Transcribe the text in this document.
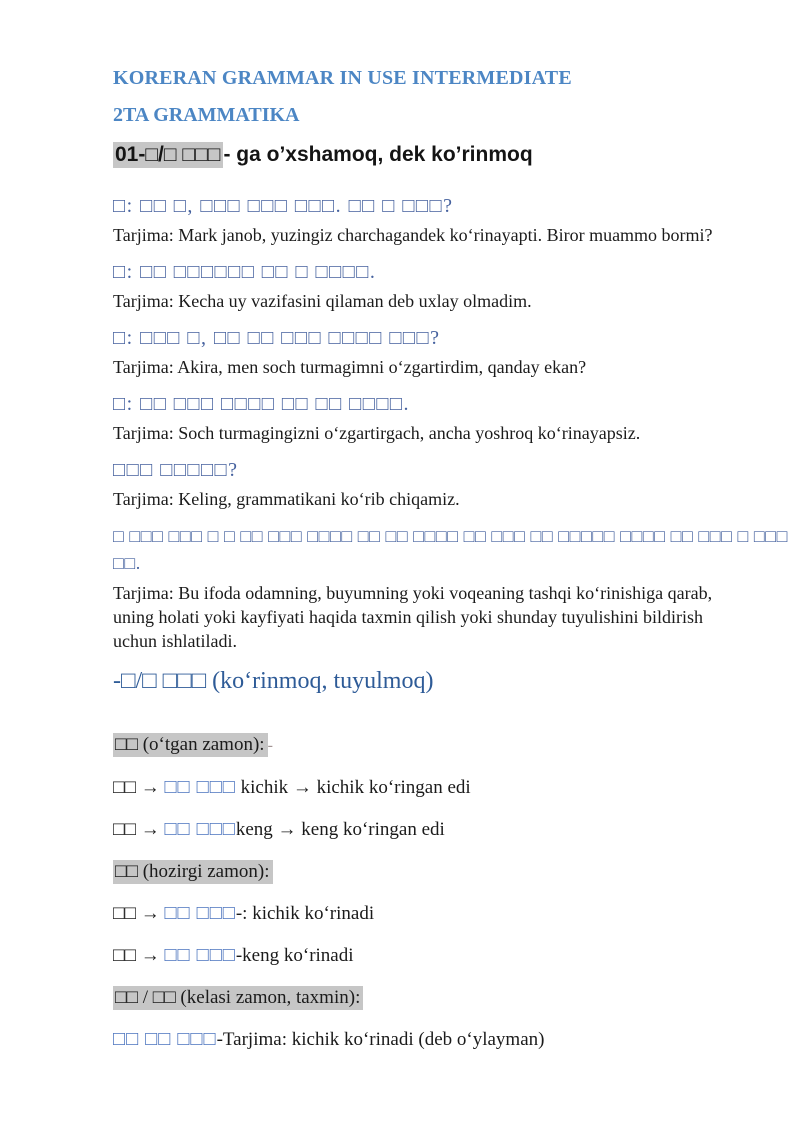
KORERAN GRAMMAR IN USE INTERMEDIATE
2TA GRAMMATIKA
01-□/□ □□□ - ga o’xshamoq, dek ko’rinmoq
□: □□ □, □□□ □□□ □□□. □□ □ □□□?
Tarjima: Mark janob, yuzingiz charchagandek ko‘rinayapti. Biror muammo bormi?
□: □□ □□□□□□ □□ □ □□□□.
Tarjima: Kecha uy vazifasini qilaman deb uxlay olmadim.
□: □□□ □, □□ □□ □□□ □□□□ □□□?
Tarjima: Akira, men soch turmagimni o‘zgartirdim, qanday ekan?
□: □□ □□□ □□□□ □□ □□ □□□□.
Tarjima: Soch turmagingizni o‘zgartirgach, ancha yoshroq ko‘rinayapsiz.
□□□ □□□□□?
Tarjima: Keling, grammatikani ko‘rib chiqamiz.
□ □□□ □□□ □ □ □□ □□□ □□□□ □□ □□ □□□□ □□ □□□ □□ □□□□□ □□□□ □□ □□□ □ □□□
□□.
Tarjima: Bu ifoda odamning, buyumning yoki voqeaning tashqi ko‘rinishiga qarab,
uning holati yoki kayfiyati haqida taxmin qilish yoki shunday tuyulishini bildirish
uchun ishlatiladi.
-□/□ □□□ (ko‘rinmoq, tuyulmoq)
□□ (o‘tgan zamon): -
□□ → □□ □□□ kichik → kichik ko‘ringan edi
□□ → □□ □□□keng → keng ko‘ringan edi
□□ (hozirgi zamon):
□□ → □□ □□□-: kichik ko‘rinadi
□□ → □□ □□□-keng ko‘rinadi
□□ / □□ (kelasi zamon, taxmin):
□□ □□ □□□-Tarjima: kichik ko‘rinadi (deb o‘ylayman)
